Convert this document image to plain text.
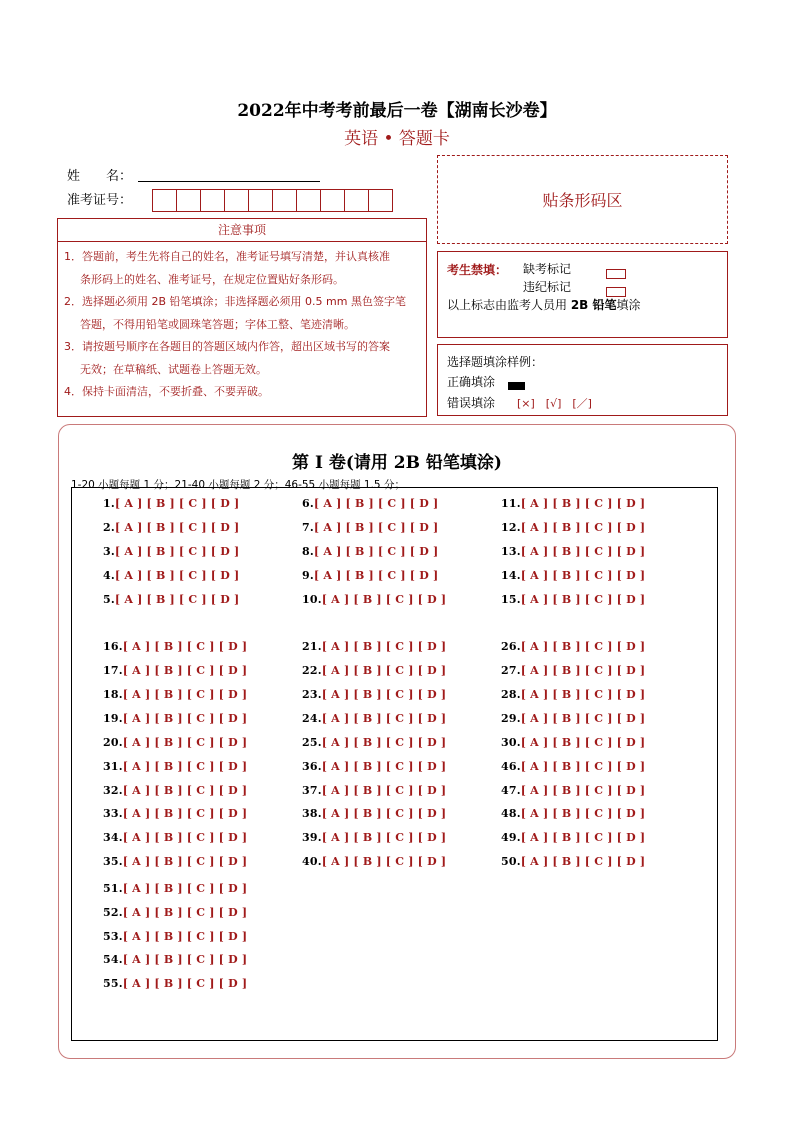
2022年中考考前最后一卷【湖南长沙卷】
英语 • 答题卡
姓　　名：
准考证号：	贴条形码区
注意事项

1．答题前，考生先将自己的姓名，准考证号填写清楚，并认真核准

条形码上的姓名、准考证号，在规定位置贴好条形码。

2．选择题必须用 2B 铅笔填涂；非选择题必须用 0.5 mm 黑色签字笔

答题，不得用铅笔或圆珠笔答题；字体工整、笔迹清晰。

3．请按题号顺序在各题目的答题区域内作答，超出区域书写的答案

无效；在草稿纸、试题卷上答题无效。

4．保持卡面清洁，不要折叠、不要弄破。

考生禁填： 缺考标记
违纪标记
以上标志由监考人员用 2B 铅笔填涂
选择题填涂样例：
正确填涂
错误填涂 [×]　[√]　[／]
第 I 卷(请用 2B 铅笔填涂)
1-20 小题每题 1 分；21-40 小题每题 2 分；46-55 小题每题 1.5 分；
1.[ A ] [ B ] [ C ] [ D ]
2.[ A ] [ B ] [ C ] [ D ]
3.[ A ] [ B ] [ C ] [ D ]
4.[ A ] [ B ] [ C ] [ D ]
5.[ A ] [ B ] [ C ] [ D ]
16.[ A ] [ B ] [ C ] [ D ]
17.[ A ] [ B ] [ C ] [ D ]
18.[ A ] [ B ] [ C ] [ D ]
19.[ A ] [ B ] [ C ] [ D ]
20.[ A ] [ B ] [ C ] [ D ]
31.[ A ] [ B ] [ C ] [ D ]
32.[ A ] [ B ] [ C ] [ D ]
33.[ A ] [ B ] [ C ] [ D ]
34.[ A ] [ B ] [ C ] [ D ]
35.[ A ] [ B ] [ C ] [ D ]
51.[ A ] [ B ] [ C ] [ D ]
52.[ A ] [ B ] [ C ] [ D ]
53.[ A ] [ B ] [ C ] [ D ]
54.[ A ] [ B ] [ C ] [ D ]
55.[ A ] [ B ] [ C ] [ D ]
6.[ A ] [ B ] [ C ] [ D ]
7.[ A ] [ B ] [ C ] [ D ]
8.[ A ] [ B ] [ C ] [ D ]
9.[ A ] [ B ] [ C ] [ D ]
10.[ A ] [ B ] [ C ] [ D ]
21.[ A ] [ B ] [ C ] [ D ]
22.[ A ] [ B ] [ C ] [ D ]
23.[ A ] [ B ] [ C ] [ D ]
24.[ A ] [ B ] [ C ] [ D ]
25.[ A ] [ B ] [ C ] [ D ]
36.[ A ] [ B ] [ C ] [ D ]
37.[ A ] [ B ] [ C ] [ D ]
38.[ A ] [ B ] [ C ] [ D ]
39.[ A ] [ B ] [ C ] [ D ]
40.[ A ] [ B ] [ C ] [ D ]
11.[ A ] [ B ] [ C ] [ D ]
12.[ A ] [ B ] [ C ] [ D ]
13.[ A ] [ B ] [ C ] [ D ]
14.[ A ] [ B ] [ C ] [ D ]
15.[ A ] [ B ] [ C ] [ D ]
26.[ A ] [ B ] [ C ] [ D ]
27.[ A ] [ B ] [ C ] [ D ]
28.[ A ] [ B ] [ C ] [ D ]
29.[ A ] [ B ] [ C ] [ D ]
30.[ A ] [ B ] [ C ] [ D ]
46.[ A ] [ B ] [ C ] [ D ]
47.[ A ] [ B ] [ C ] [ D ]
48.[ A ] [ B ] [ C ] [ D ]
49.[ A ] [ B ] [ C ] [ D ]
50.[ A ] [ B ] [ C ] [ D ]
